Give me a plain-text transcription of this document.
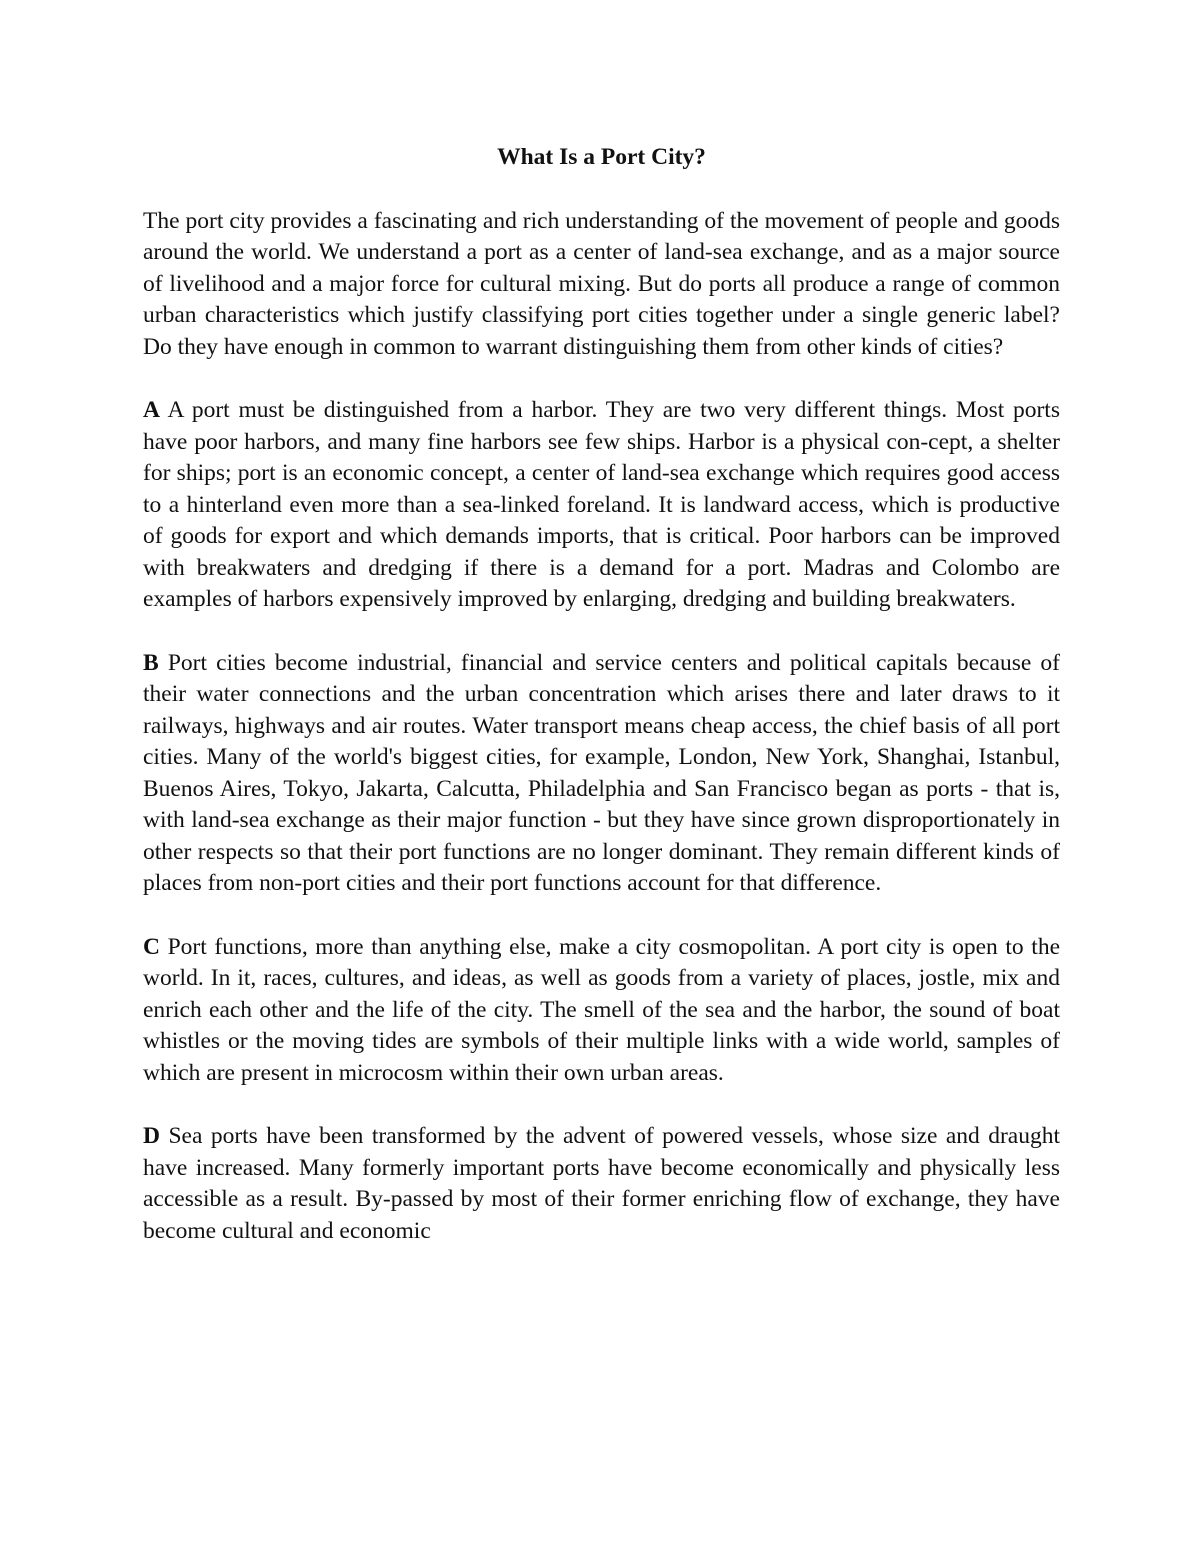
What Is a Port City?

The port city provides a fascinating and rich understanding of the movement of people and goods around the world. We understand a port as a center of land-sea exchange, and as a major source of livelihood and a major force for cultural mixing. But do ports all produce a range of common urban characteristics which justify classifying port cities together under a single generic label? Do they have enough in common to warrant distinguishing them from other kinds of cities?

A A port must be distinguished from a harbor. They are two very different things. Most ports have poor harbors, and many fine harbors see few ships. Harbor is a physical con-cept, a shelter for ships; port is an economic concept, a center of land-sea exchange which requires good access to a hinterland even more than a sea-linked foreland. It is landward access, which is productive of goods for export and which demands imports, that is critical. Poor harbors can be improved with breakwaters and dredging if there is a demand for a port. Madras and Colombo are examples of harbors expensively improved by enlarging, dredging and building breakwaters.

B Port cities become industrial, financial and service centers and political capitals because of their water connections and the urban concentration which arises there and later draws to it railways, highways and air routes. Water transport means cheap access, the chief basis of all port cities. Many of the world's biggest cities, for example, London, New York, Shanghai, Istanbul, Buenos Aires, Tokyo, Jakarta, Calcutta, Philadelphia and San Francisco began as ports - that is, with land-sea exchange as their major function - but they have since grown disproportionately in other respects so that their port functions are no longer dominant. They remain different kinds of places from non-port cities and their port functions account for that difference.

C Port functions, more than anything else, make a city cosmopolitan. A port city is open to the world. In it, races, cultures, and ideas, as well as goods from a variety of places, jostle, mix and enrich each other and the life of the city. The smell of the sea and the harbor, the sound of boat whistles or the moving tides are symbols of their multiple links with a wide world, samples of which are present in microcosm within their own urban areas.

D Sea ports have been transformed by the advent of powered vessels, whose size and draught have increased. Many formerly important ports have become economically and physically less accessible as a result. By-passed by most of their former enriching flow of exchange, they have become cultural and economic
